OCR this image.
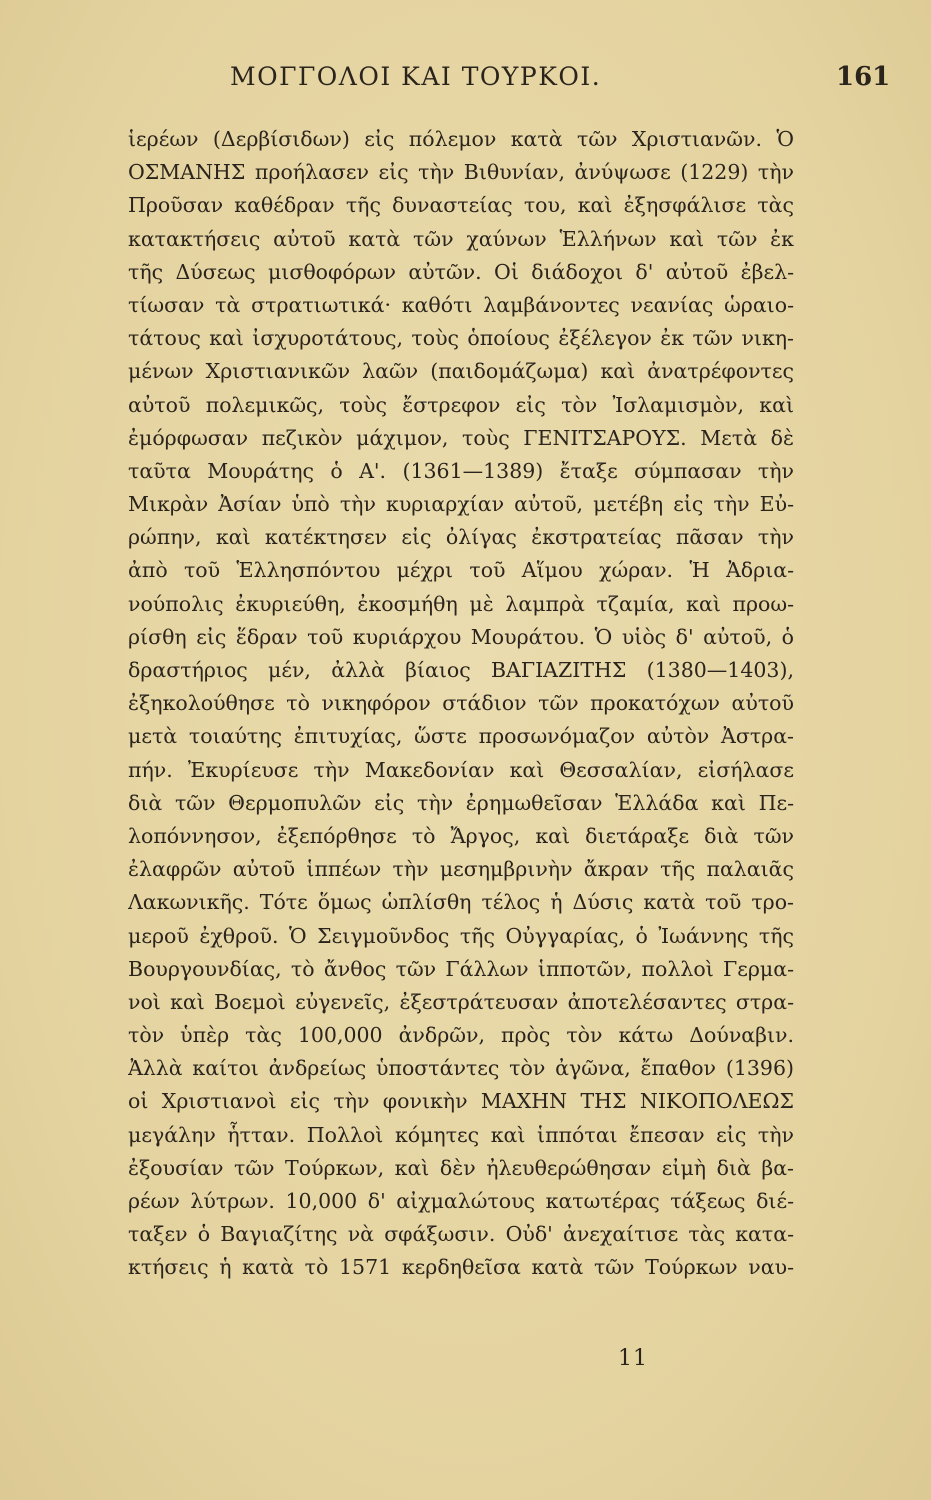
ΜΟΓΓΟΛΟΙ ΚΑΙ ΤΟΥΡΚΟΙ.	161
ἱερέων (Δερβίσιδων) εἰς πόλεμον κατὰ τῶν Χριστιανῶν. Ὁ
ΟΣΜΑΝΗΣ προήλασεν εἰς τὴν Βιθυνίαν, ἀνύψωσε (1229) τὴν
Προῦσαν καθέδραν τῆς δυναστείας του, καὶ ἐξησφάλισε τὰς
κατακτήσεις αὐτοῦ κατὰ τῶν χαύνων Ἑλλήνων καὶ τῶν ἐκ
τῆς Δύσεως μισθοφόρων αὐτῶν. Οἱ διάδοχοι δ' αὐτοῦ ἐβελ-
τίωσαν τὰ στρατιωτικά· καθότι λαμβάνοντες νεανίας ὡραιο-
τάτους καὶ ἰσχυροτάτους, τοὺς ὁποίους ἐξέλεγον ἐκ τῶν νικη-
μένων Χριστιανικῶν λαῶν (παιδομάζωμα) καὶ ἀνατρέφοντες
αὐτοῦ πολεμικῶς, τοὺς ἔστρεφον εἰς τὸν Ἰσλαμισμὸν, καὶ
ἐμόρφωσαν πεζικὸν μάχιμον, τοὺς ΓΕΝΙΤΣΑΡΟΥΣ. Μετὰ δὲ
ταῦτα Μουράτης ὁ Α'. (1361—1389) ἔταξε σύμπασαν τὴν
Μικρὰν Ἀσίαν ὑπὸ τὴν κυριαρχίαν αὐτοῦ, μετέβη εἰς τὴν Εὐ-
ρώπην, καὶ κατέκτησεν εἰς ὀλίγας ἐκστρατείας πᾶσαν τὴν
ἀπὸ τοῦ Ἑλλησπόντου μέχρι τοῦ Αἵμου χώραν. Ἡ Ἀδρια-
νούπολις ἐκυριεύθη, ἐκοσμήθη μὲ λαμπρὰ τζαμία, καὶ προω-
ρίσθη εἰς ἕδραν τοῦ κυριάρχου Μουράτου. Ὁ υἱὸς δ' αὐτοῦ, ὁ
δραστήριος μέν, ἀλλὰ βίαιος ΒΑΓΙΑΖΙΤΗΣ (1380—1403),
ἐξηκολούθησε τὸ νικηφόρον στάδιον τῶν προκατόχων αὐτοῦ
μετὰ τοιαύτης ἐπιτυχίας, ὥστε προσωνόμαζον αὐτὸν Ἀστρα-
πήν. Ἐκυρίευσε τὴν Μακεδονίαν καὶ Θεσσαλίαν, εἰσήλασε
διὰ τῶν Θερμοπυλῶν εἰς τὴν ἐρημωθεῖσαν Ἑλλάδα καὶ Πε-
λοπόννησον, ἐξεπόρθησε τὸ Ἄργος, καὶ διετάραξε διὰ τῶν
ἐλαφρῶν αὐτοῦ ἱππέων τὴν μεσημβρινὴν ἄκραν τῆς παλαιᾶς
Λακωνικῆς. Τότε ὅμως ὡπλίσθη τέλος ἡ Δύσις κατὰ τοῦ τρο-
μεροῦ ἐχθροῦ. Ὁ Σειγμοῦνδος τῆς Οὐγγαρίας, ὁ Ἰωάννης τῆς
Βουργουνδίας, τὸ ἄνθος τῶν Γάλλων ἱπποτῶν, πολλοὶ Γερμα-
νοὶ καὶ Βοεμοὶ εὐγενεῖς, ἐξεστράτευσαν ἀποτελέσαντες στρα-
τὸν ὑπὲρ τὰς 100,000 ἀνδρῶν, πρὸς τὸν κάτω Δούναβιν.
Ἀλλὰ καίτοι ἀνδρείως ὑποστάντες τὸν ἀγῶνα, ἔπαθον (1396)
οἱ Χριστιανοὶ εἰς τὴν φονικὴν ΜΑΧΗΝ ΤΗΣ ΝΙΚΟΠΟΛΕΩΣ
μεγάλην ἧτταν. Πολλοὶ κόμητες καὶ ἱππόται ἔπεσαν εἰς τὴν
ἐξουσίαν τῶν Τούρκων, καὶ δὲν ἠλευθερώθησαν εἰμὴ διὰ βα-
ρέων λύτρων. 10,000 δ' αἰχμαλώτους κατωτέρας τάξεως διέ-
ταξεν ὁ Βαγιαζίτης νὰ σφάξωσιν. Οὐδ' ἀνεχαίτισε τὰς κατα-
κτήσεις ἡ κατὰ τὸ 1571 κερδηθεῖσα κατὰ τῶν Τούρκων ναυ-
11
